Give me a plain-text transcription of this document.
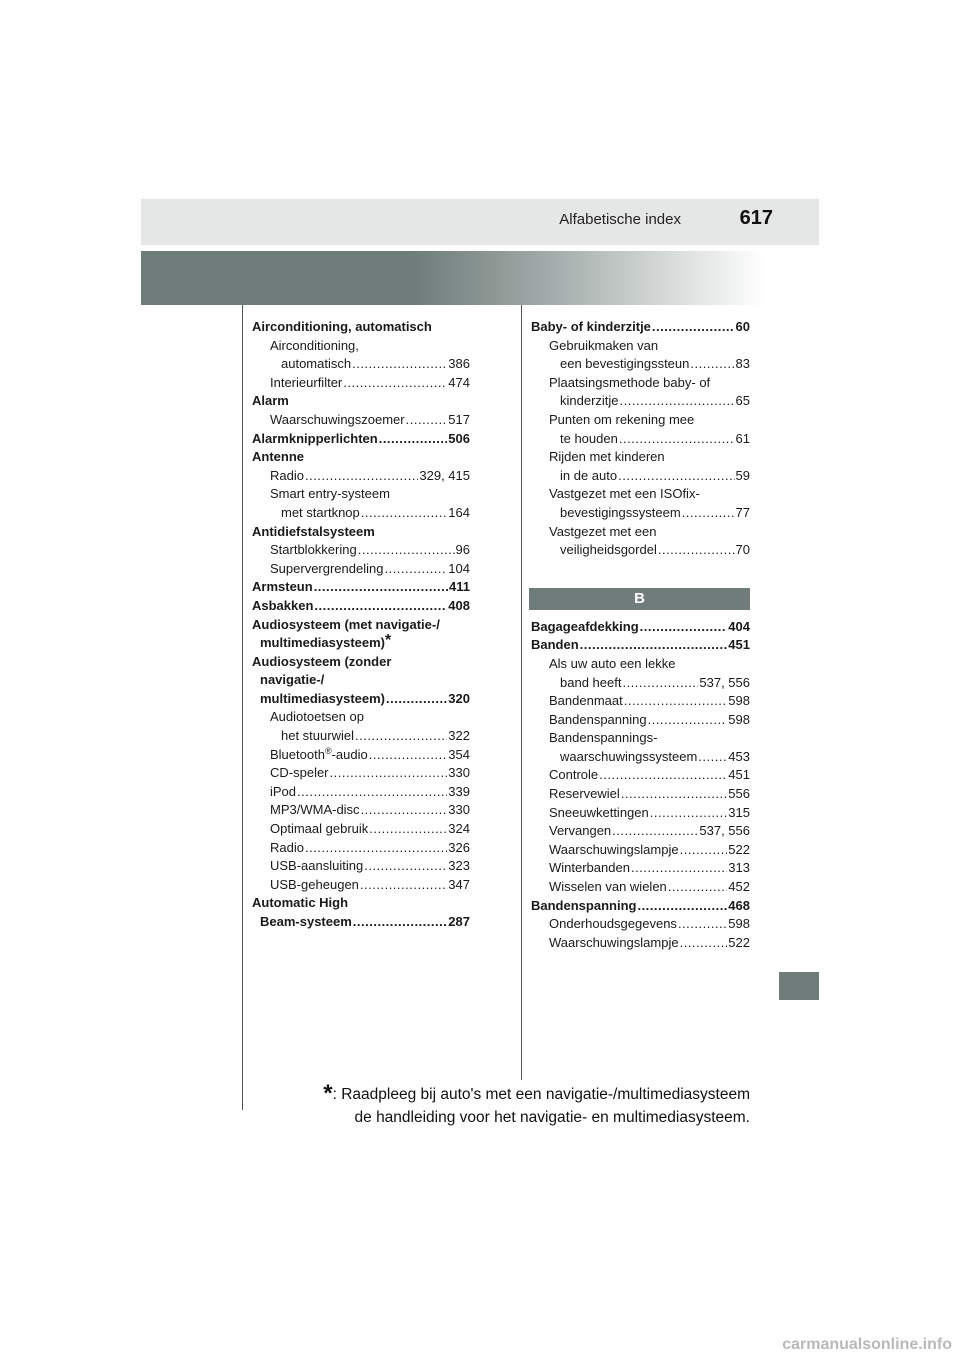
Alfabetische index	617
Airconditioning, automatisch
Airconditioning,
automatisch .....	386
Interieurfilter .....	474
Alarm
Waarschuwingszoemer .....	517
Alarmknipperlichten .....	506
Antenne
Radio .....	329, 415
Smart entry-systeem
met startknop .....	164
Antidiefstalsysteem
Startblokkering .....	96
Supervergrendeling .....	104
Armsteun .....	411
Asbakken .....	408
Audiosysteem (met navigatie-/
multimediasysteem)*
Audiosysteem (zonder
navigatie-/
multimediasysteem) .....	320
Audiotoetsen op
het stuurwiel .....	322
Bluetooth®-audio .....	354
CD-speler .....	330
iPod .....	339
MP3/WMA-disc .....	330
Optimaal gebruik .....	324
Radio .....	326
USB-aansluiting .....	323
USB-geheugen .....	347
Automatic High
Beam-systeem .....	287
Baby- of kinderzitje .....	60
Gebruikmaken van
een bevestigingssteun .....	83
Plaatsingsmethode baby- of
kinderzitje .....	65
Punten om rekening mee
te houden .....	61
Rijden met kinderen
in de auto .....	59
Vastgezet met een ISOfix-
bevestigingssysteem .....	77
Vastgezet met een
veiligheidsgordel .....	70
B
Bagageafdekking .....	404
Banden .....	451
Als uw auto een lekke
band heeft .....	537, 556
Bandenmaat .....	598
Bandenspanning .....	598
Bandenspannings-
waarschuwingssysteem ..... 453
Controle .....	451
Reservewiel .....	556
Sneeuwkettingen .....	315
Vervangen .....	537, 556
Waarschuwingslampje .....	522
Winterbanden .....	313
Wisselen van wielen .....	452
Bandenspanning .....	468
Onderhoudsgegevens .....	598
Waarschuwingslampje .....	522
*: Raadpleeg bij auto's met een navigatie-/multimediasysteem
de handleiding voor het navigatie- en multimediasysteem.
carmanualsonline.info
